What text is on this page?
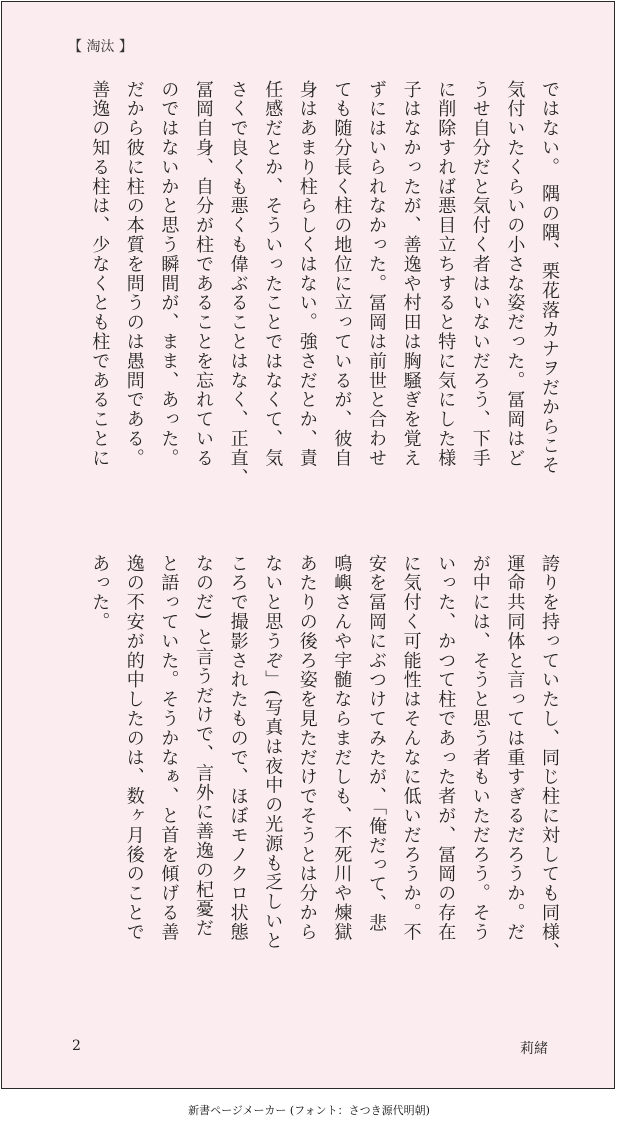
【 淘汰 】
ではない。 隅の隅、栗花落カナヲだからこそ
気付いたくらいの小さな姿だった。冨岡はど
うせ自分だと気付く者はいないだろう、下手
に削除すれば悪目立ちすると特に気にした様
子はなかったが、善逸や村田は胸騒ぎを覚え
ずにはいられなかった。冨岡は前世と合わせ
ても随分長く柱の地位に立っているが、彼自
身はあまり柱らしくはない。強さだとか、責
任感だとか、そういったことではなくて、気
さくで良くも悪くも偉ぶることはなく、正直、
冨岡自身、自分が柱であることを忘れている
のではないかと思う瞬間が、まま、あった。
だから彼に柱の本質を問うのは愚問である。
善逸の知る柱は、少なくとも柱であることに
誇りを持っていたし、同じ柱に対しても同様、
運命共同体と言っては重すぎるだろうか。だ
が中には、そうと思う者もいただろう。そう
いった、かつて柱であった者が、冨岡の存在
に気付く可能性はそんなに低いだろうか。不
安を冨岡にぶつけてみたが、「俺だって、悲
鳴嶼さんや宇髄ならまだしも、不死川や煉獄
あたりの後ろ姿を見ただけでそうとは分から
ないと思うぞ」(写真は夜中の光源も乏しいと
ころで撮影されたもので、ほぼモノクロ状態
なのだ) と言うだけで、言外に善逸の杞憂だ
と語っていた。そうかなぁ、と首を傾げる善
逸の不安が的中したのは、数ヶ月後のことで
あった。
2	莉緒
新書ページメーカー (フォント：さつき源代明朝)
